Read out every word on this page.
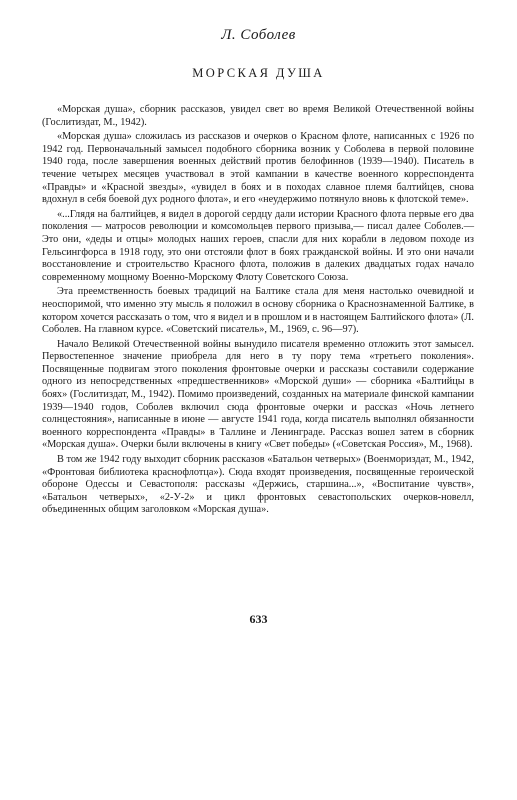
Л. Соболев
МОРСКАЯ ДУША

«Морская душа», сборник рассказов, увидел свет во время Великой Отечественной войны (Гослитиздат, М., 1942).

«Морская душа» сложилась из рассказов и очерков о Красном флоте, написанных с 1926 по 1942 год. Первоначальный замысел подобного сборника возник у Соболева в первой половине 1940 года, после завершения военных действий против белофиннов (1939—1940). Писатель в течение четырех месяцев участвовал в этой кампании в качестве военного корреспондента «Правды» и «Красной звезды», «увидел в боях и в походах славное племя балтийцев, снова вдохнул в себя боевой дух родного флота», и его «неудержимо потянуло вновь к флотской теме».

«...Глядя на балтийцев, я видел в дорогой сердцу дали истории Красного флота первые его два поколения — матросов революции и комсомольцев первого призыва,— писал далее Соболев.— Это они, «деды и отцы» молодых наших героев, спасли для них корабли в ледовом походе из Гельсингфорса в 1918 году, это они отстояли флот в боях гражданской войны. И это они начали восстановление и строительство Красного флота, положив в далеких двадцатых годах начало современному мощному Военно-Морскому Флоту Советского Союза.

Эта преемственность боевых традиций на Балтике стала для меня настолько очевидной и неоспоримой, что именно эту мысль я положил в основу сборника о Краснознаменной Балтике, в котором хочется рассказать о том, что я видел и в прошлом и в настоящем Балтийского флота» (Л. Соболев. На главном курсе. «Советский писатель», М., 1969, с. 96—97).

Начало Великой Отечественной войны вынудило писателя временно отложить этот замысел. Первостепенное значение приобрела для него в ту пору тема «третьего поколения». Посвященные подвигам этого поколения фронтовые очерки и рассказы составили содержание одного из непосредственных «предшественников» «Морской души» — сборника «Балтийцы в боях» (Гослитиздат, М., 1942). Помимо произведений, созданных на материале финской кампании 1939—1940 годов, Соболев включил сюда фронтовые очерки и рассказ «Ночь летнего солнцестояния», написанные в июне — августе 1941 года, когда писатель выполнял обязанности военного корреспондента «Правды» в Таллине и Ленинграде. Рассказ вошел затем в сборник «Морская душа». Очерки были включены в книгу «Свет победы» («Советская Россия», М., 1968).

В том же 1942 году выходит сборник рассказов «Батальон четверых» (Военмориздат, М., 1942, «Фронтовая библиотека краснофлотца»). Сюда входят произведения, посвященные героической обороне Одессы и Севастополя: рассказы «Держись, старшина...», «Воспитание чувств», «Батальон четверых», «2-У-2» и цикл фронтовых севастопольских очерков-новелл, объединенных общим заголовком «Морская душа».

633
